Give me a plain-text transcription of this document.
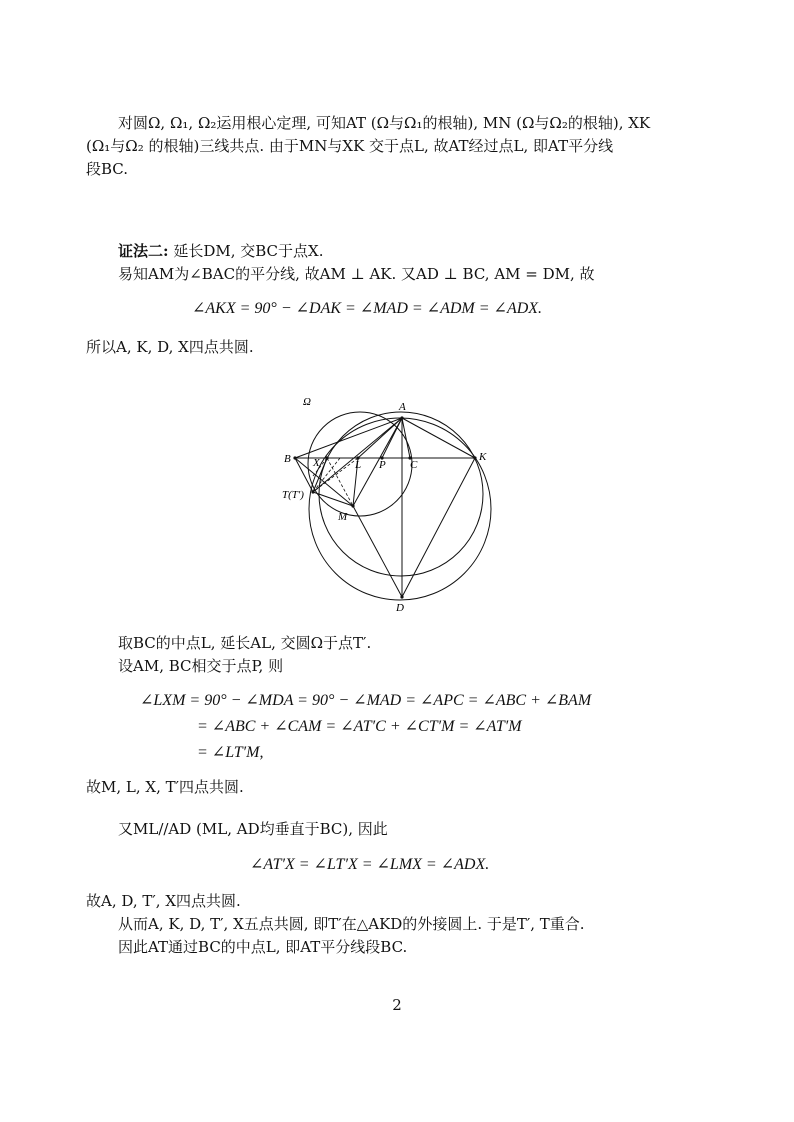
对圆Ω, Ω₁, Ω₂运用根心定理, 可知AT (Ω与Ω₁的根轴), MN (Ω与Ω₂的根轴), XK
(Ω₁与Ω₂ 的根轴)三线共点. 由于MN与XK 交于点L, 故AT经过点L, 即AT平分线
段BC.
证法二: 延长DM, 交BC于点X.
易知AM为∠BAC的平分线, 故AM ⊥ AK. 又AD ⊥ BC, AM = DM, 故
∠AKX = 90° − ∠DAK = ∠MAD = ∠ADM = ∠ADX.
所以A, K, D, X四点共圆.
Ω	A
B X	L P C
K
T(T′)
M
D
取BC的中点L, 延长AL, 交圆Ω于点T′.
设AM, BC相交于点P, 则
∠LXM = 90° − ∠MDA = 90° − ∠MAD = ∠APC = ∠ABC + ∠BAM
= ∠ABC + ∠CAM = ∠AT′C + ∠CT′M = ∠AT′M
= ∠LT′M,
故M, L, X, T′四点共圆.
又ML//AD (ML, AD均垂直于BC), 因此
∠AT′X = ∠LT′X = ∠LMX = ∠ADX.
故A, D, T′, X四点共圆.
从而A, K, D, T′, X五点共圆, 即T′在△AKD的外接圆上. 于是T′, T重合.
因此AT通过BC的中点L, 即AT平分线段BC.
2
